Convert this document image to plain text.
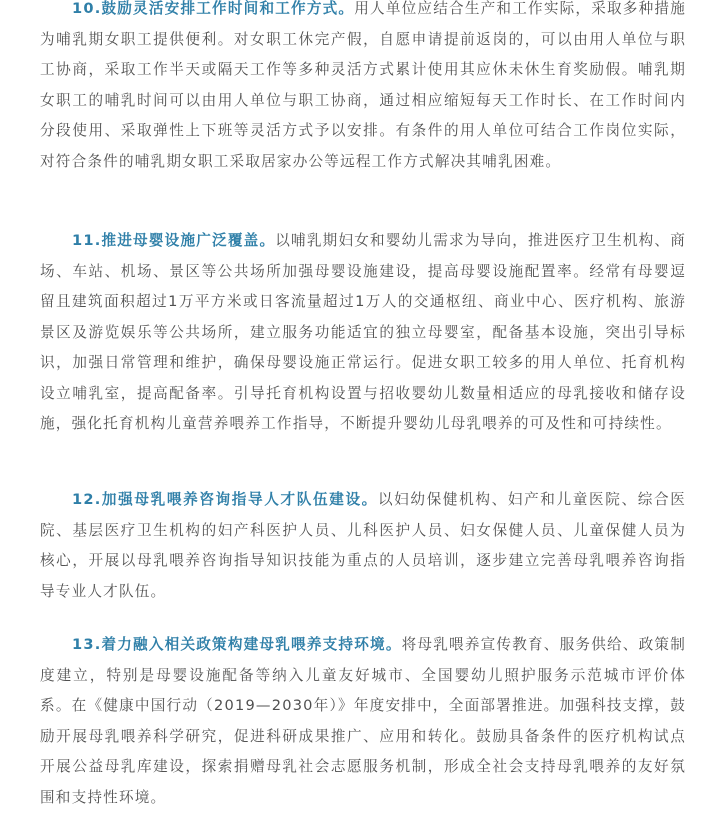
10.鼓励灵活安排工作时间和工作方式。用人单位应结合生产和工作实际，采取多种措施为哺乳期女职工提供便利。对女职工休完产假，自愿申请提前返岗的，可以由用人单位与职工协商，采取工作半天或隔天工作等多种灵活方式累计使用其应休未休生育奖励假。哺乳期女职工的哺乳时间可以由用人单位与职工协商，通过相应缩短每天工作时长、在工作时间内分段使用、采取弹性上下班等灵活方式予以安排。有条件的用人单位可结合工作岗位实际，对符合条件的哺乳期女职工采取居家办公等远程工作方式解决其哺乳困难。

11.推进母婴设施广泛覆盖。以哺乳期妇女和婴幼儿需求为导向，推进医疗卫生机构、商场、车站、机场、景区等公共场所加强母婴设施建设，提高母婴设施配置率。经常有母婴逗留且建筑面积超过1万平方米或日客流量超过1万人的交通枢纽、商业中心、医疗机构、旅游景区及游览娱乐等公共场所，建立服务功能适宜的独立母婴室，配备基本设施，突出引导标识，加强日常管理和维护，确保母婴设施正常运行。促进女职工较多的用人单位、托育机构设立哺乳室，提高配备率。引导托育机构设置与招收婴幼儿数量相适应的母乳接收和储存设施，强化托育机构儿童营养喂养工作指导，不断提升婴幼儿母乳喂养的可及性和可持续性。

12.加强母乳喂养咨询指导人才队伍建设。以妇幼保健机构、妇产和儿童医院、综合医院、基层医疗卫生机构的妇产科医护人员、儿科医护人员、妇女保健人员、儿童保健人员为核心，开展以母乳喂养咨询指导知识技能为重点的人员培训，逐步建立完善母乳喂养咨询指导专业人才队伍。

13.着力融入相关政策构建母乳喂养支持环境。将母乳喂养宣传教育、服务供给、政策制度建立，特别是母婴设施配备等纳入儿童友好城市、全国婴幼儿照护服务示范城市评价体系。在《健康中国行动（2019—2030年）》年度安排中，全面部署推进。加强科技支撑，鼓励开展母乳喂养科学研究，促进科研成果推广、应用和转化。鼓励具备条件的医疗机构试点开展公益母乳库建设，探索捐赠母乳社会志愿服务机制，形成全社会支持母乳喂养的友好氛围和支持性环境。
